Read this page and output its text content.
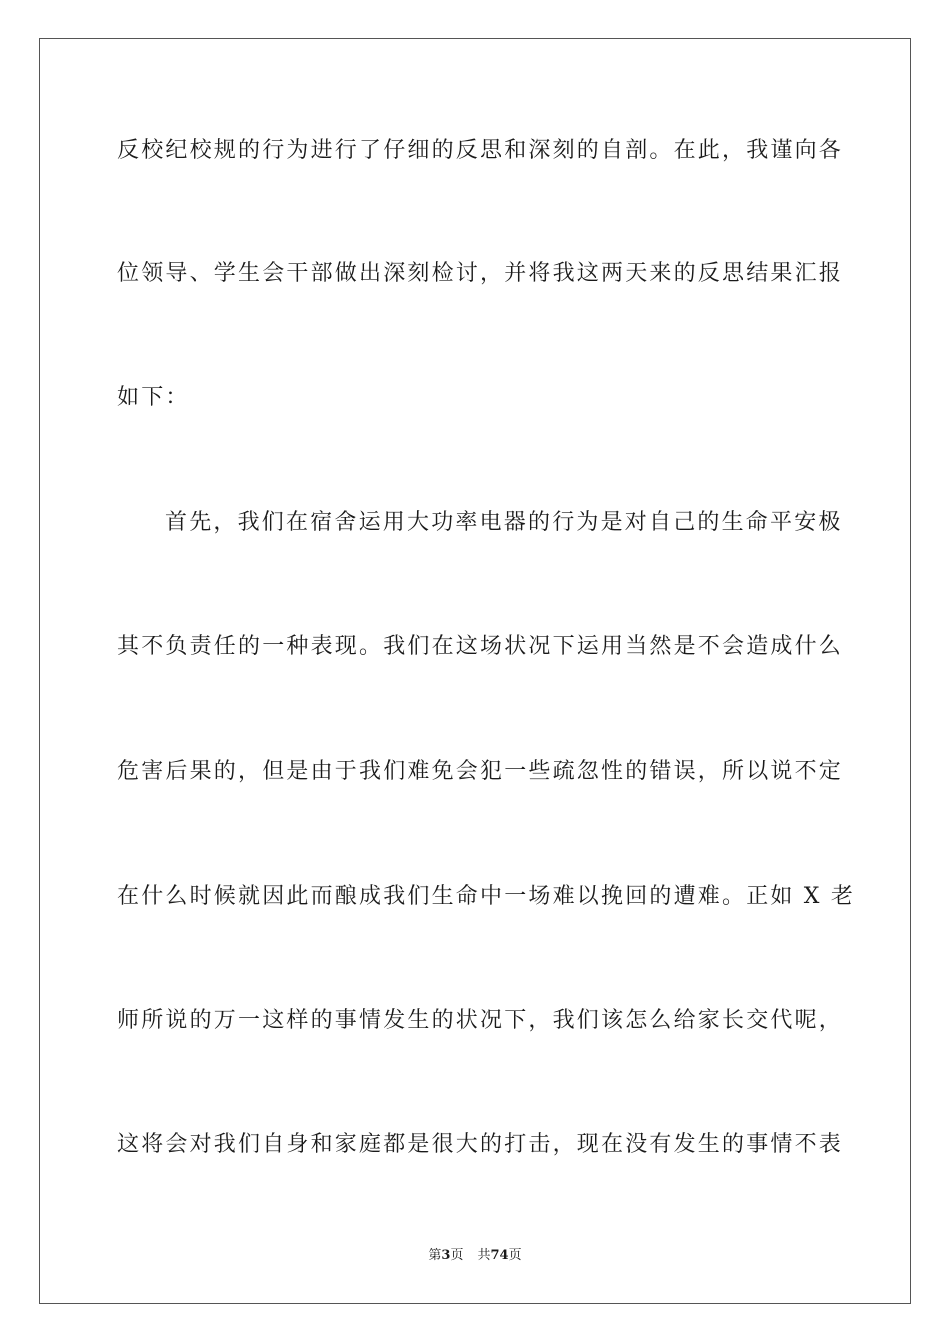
反校纪校规的行为进行了仔细的反思和深刻的自剖。在此，我谨向各
位领导、学生会干部做出深刻检讨，并将我这两天来的反思结果汇报
如下：
首先，我们在宿舍运用大功率电器的行为是对自己的生命平安极
其不负责任的一种表现。我们在这场状况下运用当然是不会造成什么
危害后果的，但是由于我们难免会犯一些疏忽性的错误，所以说不定
在什么时候就因此而酿成我们生命中一场难以挽回的遭难。正如 X 老
师所说的万一这样的事情发生的状况下，我们该怎么给家长交代呢，
这将会对我们自身和家庭都是很大的打击，现在没有发生的事情不表
第3页 共74页
